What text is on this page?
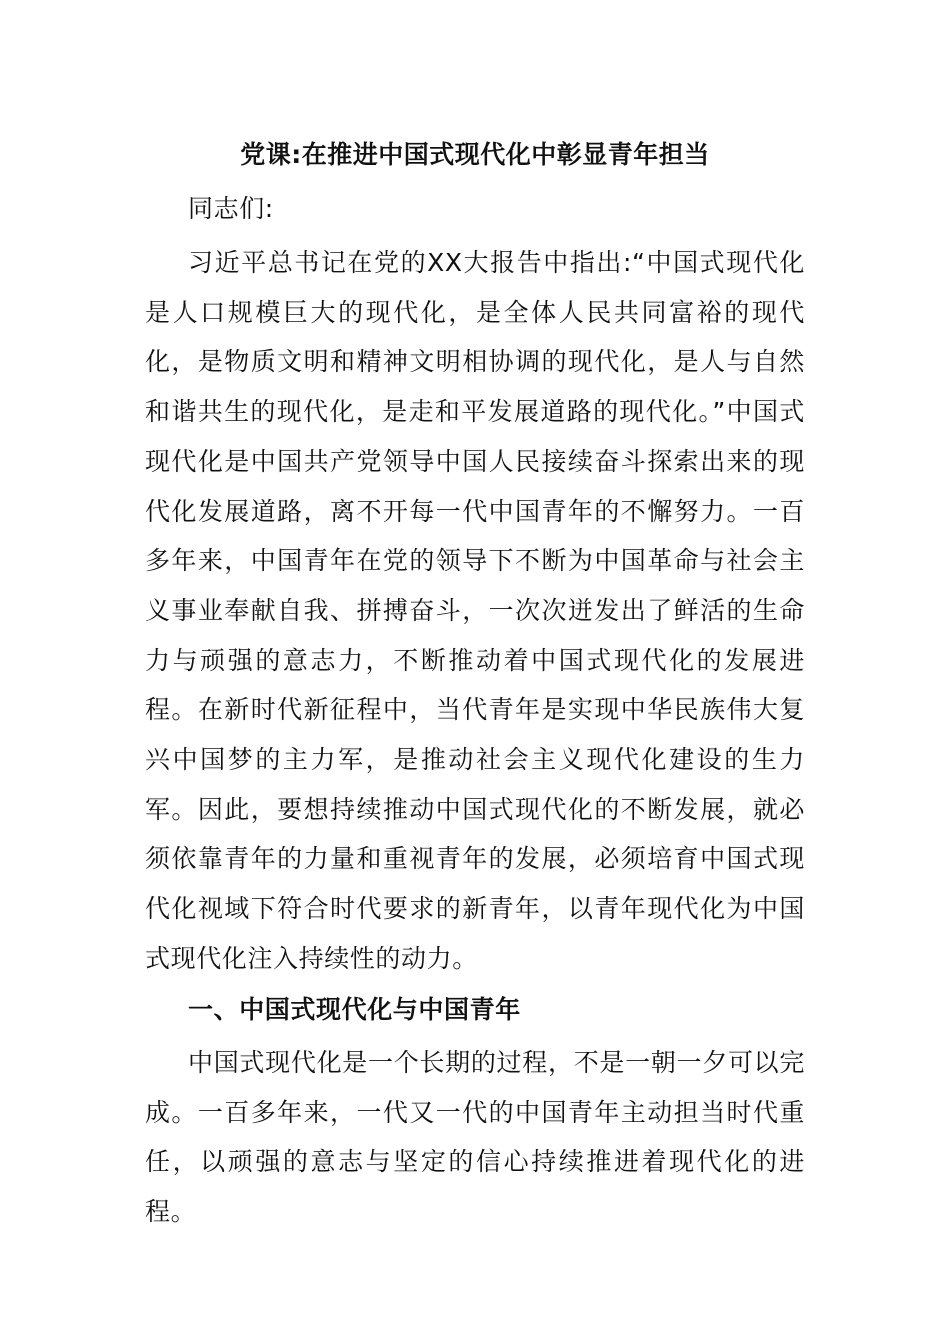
党课:在推进中国式现代化中彰显青年担当

同志们:

习近平总书记在党的XX大报告中指出:“中国式现代化是人口规模巨大的现代化，是全体人民共同富裕的现代化，是物质文明和精神文明相协调的现代化，是人与自然和谐共生的现代化，是走和平发展道路的现代化。”中国式现代化是中国共产党领导中国人民接续奋斗探索出来的现代化发展道路，离不开每一代中国青年的不懈努力。一百多年来，中国青年在党的领导下不断为中国革命与社会主义事业奉献自我、拼搏奋斗，一次次迸发出了鲜活的生命力与顽强的意志力，不断推动着中国式现代化的发展进程。在新时代新征程中，当代青年是实现中华民族伟大复兴中国梦的主力军，是推动社会主义现代化建设的生力军。因此，要想持续推动中国式现代化的不断发展，就必须依靠青年的力量和重视青年的发展，必须培育中国式现代化视域下符合时代要求的新青年，以青年现代化为中国式现代化注入持续性的动力。

一、中国式现代化与中国青年

中国式现代化是一个长期的过程，不是一朝一夕可以完成。一百多年来，一代又一代的中国青年主动担当时代重任，以顽强的意志与坚定的信心持续推进着现代化的进程。
